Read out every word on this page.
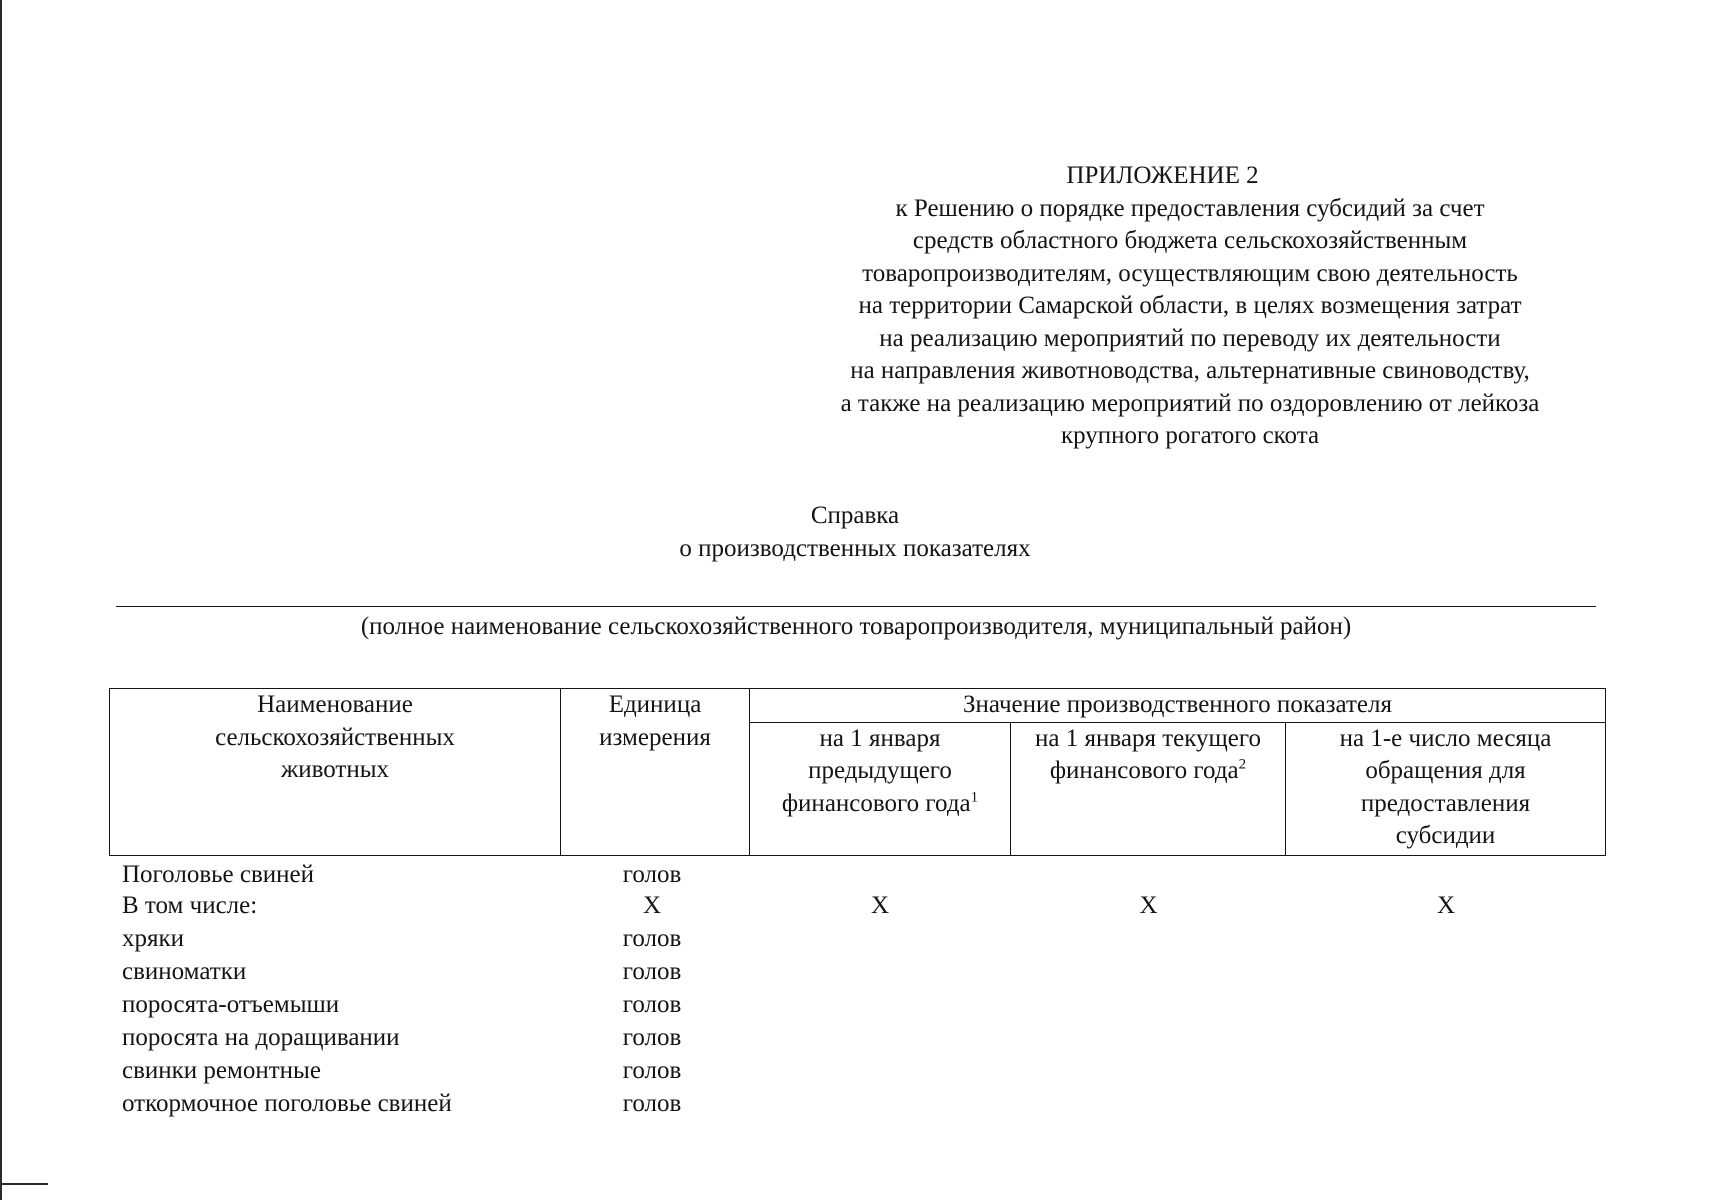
ПРИЛОЖЕНИЕ 2
к Решению о порядке предоставления субсидий за счет
средств областного бюджета сельскохозяйственным
товаропроизводителям, осуществляющим свою деятельность
на территории Самарской области, в целях возмещения затрат
на реализацию мероприятий по переводу их деятельности
на направления животноводства, альтернативные свиноводству,
а также на реализацию мероприятий по оздоровлению от лейкоза
крупного рогатого скота
Справка
о производственных показателях
(полное наименование сельскохозяйственного товаропроизводителя, муниципальный район)
Наименование сельскохозяйственных животных	Единица измерения	Значение производственного показателя		

		на 1 января предыдущего финансового года$^1$	на 1 января текущего финансового года$^2$	на 1-е число месяца обращения для предоставления субсидии
Поголовье свиней	голов
В том числе:	Х	Х	Х	Х
хряки	голов
свиноматки	голов
поросята-отъемыши	голов
поросята на доращивании	голов
свинки ремонтные	голов
откормочное поголовье свиней	голов
